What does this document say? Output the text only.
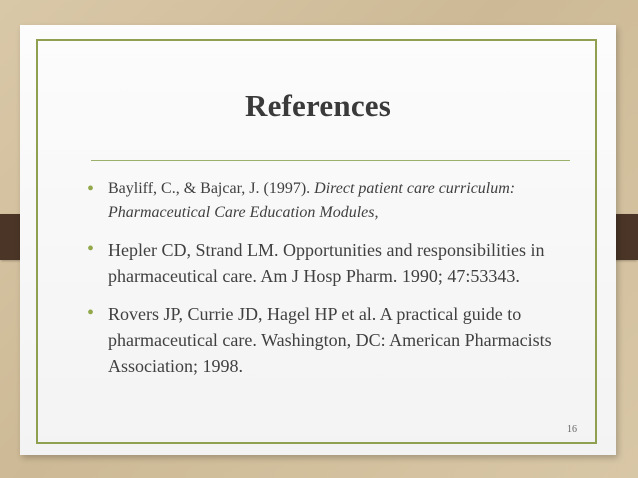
References
• Bayliff, C., & Bajcar, J. (1997). Direct patient care curriculum: Pharmaceutical Care Education Modules,
• Hepler CD, Strand LM. Opportunities and responsibilities in pharmaceutical care. Am J Hosp Pharm. 1990; 47:53343.
• Rovers JP, Currie JD, Hagel HP et al. A practical guide to pharmaceutical care. Washington, DC: American Pharmacists Association; 1998.
16
